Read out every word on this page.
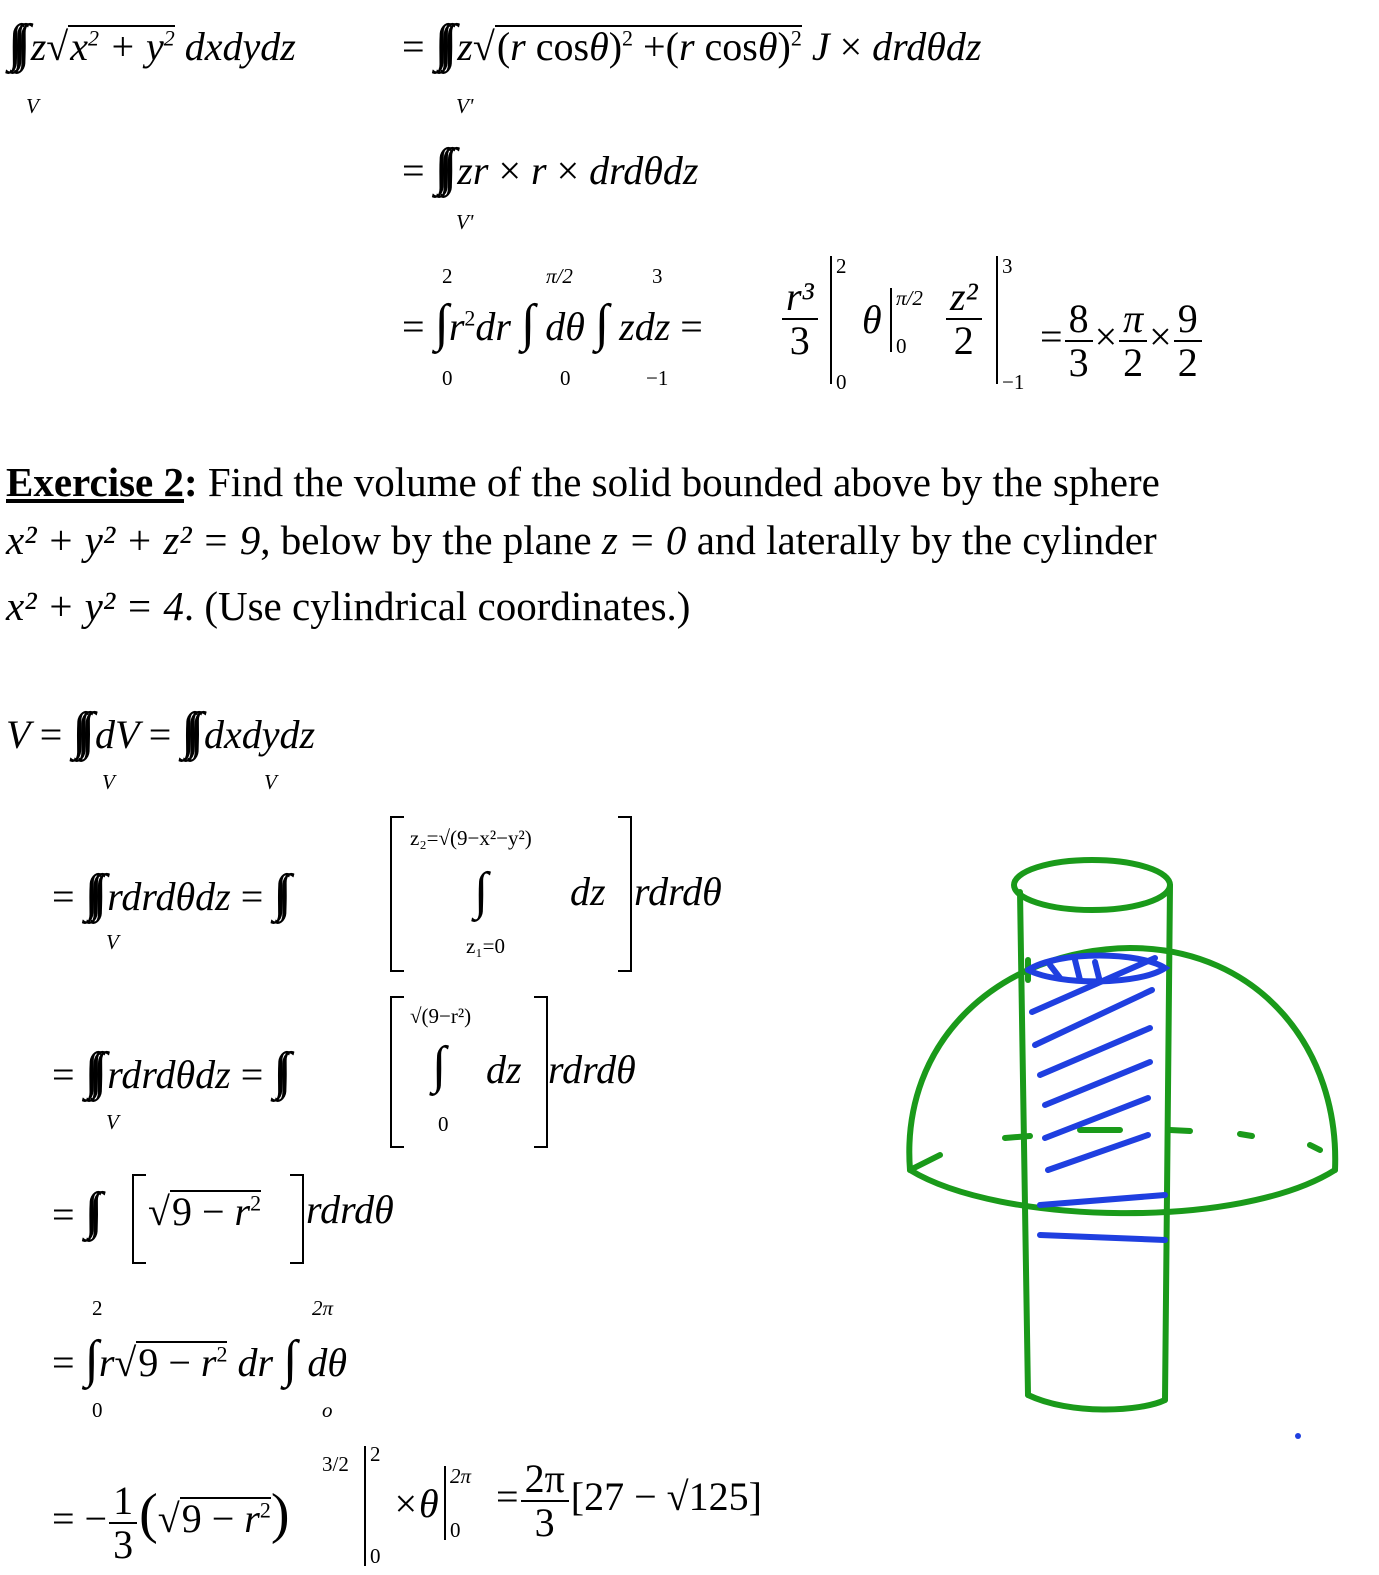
∫∫∫ $z√x^2 + y^2$ dxdydz
V
= ∫∫∫ z√(r cosθ)$^2$ +(r cosθ)$^2$ J × drdθdz
V'
= ∫∫∫ zr × r × drdθdz
V'
= $\int r^2dr$ ∫ dθ ∫ zdz =
2
0
π/2
0
3
−1
$\frac{\text{r³}}{3}$
2
0
θ π/2
$0 \frac{\text{z²}}{2}$
3
−1
= $\frac{8}{3} \times \frac{\pi}{2} \times \frac{9}{2}$
Exercise 2: Find the volume of the solid bounded above by the sphere
x² + y² + z² = 9, below by the plane z = 0 and laterally by the cylinder
x² + y² = 4. (Use cylindrical coordinates.)
V = ∫∫∫ dV = ∫∫∫ dxdydz
V	V
= ∫∫∫ rdrdθdz = ∫∫
V
z₂=√(9−x²−y²)
∫
z₁=0
dz rdrdθ
= ∫∫∫ rdrdθdz = ∫∫
V
√(9−r²)
∫
0
dz rdrdθ
= ∫∫ $√9 - r^2$ rdrdθ
= $\int r√9 - r^2$ dr ∫ dθ
2
0
2π
o
= − $\frac{1}{3} (√9 - r^2)$
3/2 2
0
×θ
2π
0
= $\frac{2\pi}{3} [27 - √125]$
